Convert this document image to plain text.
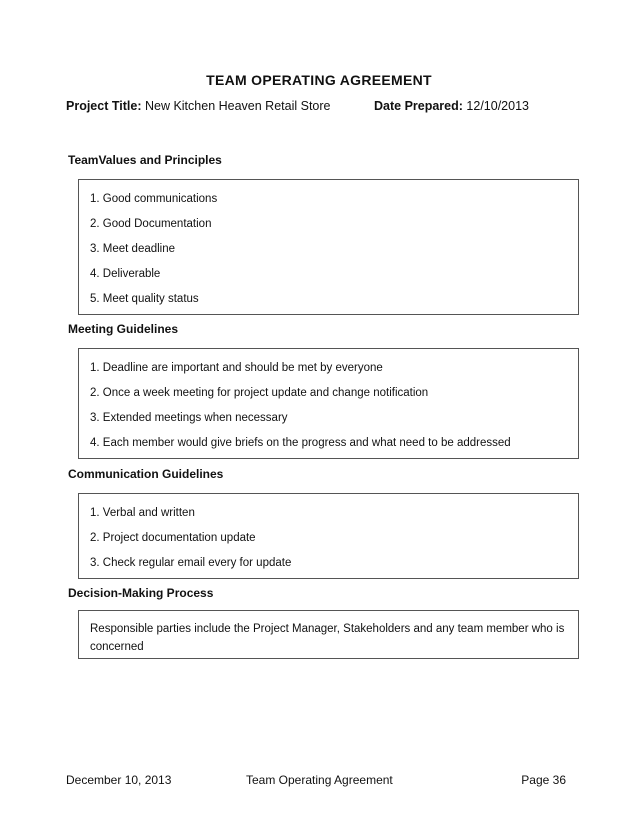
TEAM OPERATING AGREEMENT
Project Title: New Kitchen Heaven Retail Store	Date Prepared: 12/10/2013
TeamValues and Principles
1. Good communications
2. Good Documentation
3. Meet deadline
4. Deliverable
5. Meet quality status
Meeting Guidelines
1. Deadline are important and should be met by everyone
2. Once a week meeting for project update and change notification
3. Extended meetings when necessary
4. Each member would give briefs on the progress and what need to be addressed
Communication Guidelines
1. Verbal and written
2. Project documentation update
3. Check regular email every for update
Decision-Making Process
Responsible parties include the Project Manager, Stakeholders and any team member who is concerned
December 10, 2013	Team Operating Agreement	Page 36
